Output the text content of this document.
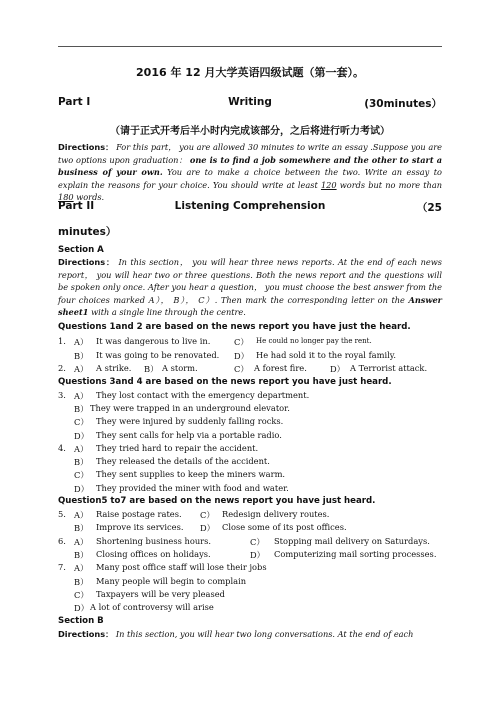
2016 年 12 月大学英语四级试题（第一套）。
Part I	Writing	(30minutes）
（请于正式开考后半小时内完成该部分，之后将进行听力考试）
Directions： For this part， you are allowed 30 minutes to write an essay .Suppose you are two options upon graduation： one is to find a job somewhere and the other to start a business of your own. You are to make a choice between the two. Write an essay to explain the reasons for your choice. You should write at least 120 words but no more than 180 words.
Part II	Listening Comprehension	（25
minutes）
Section A
Directions： In this section， you will hear three news reports. At the end of each news report， you will hear two or three questions. Both the news report and the questions will be spoken only once. After you hear a question， you must choose the best answer from the four choices marked A）， B）， C）. Then mark the corresponding letter on the Answer sheet1 with a single line through the centre.
Questions 1and 2 are based on the news report you have just the heard.
1. A） It was dangerous to live in.	C） He could no longer pay the rent.
B） It was going to be renovated. D） He had sold it to the royal family.
2. A） A strike. B） A storm.	C） A forest fire.	D） A Terrorist attack.
Questions 3and 4 are based on the news report you have just heard.
3. A） They lost contact with the emergency department.
B） They were trapped in an underground elevator.
C） They were injured by suddenly falling rocks.
D） They sent calls for help via a portable radio.
4. A） They tried hard to repair the accident.
B） They released the details of the accident.
C） They sent supplies to keep the miners warm.
D） They provided the miner with food and water.
Question5 to7 are based on the news report you have just heard.
5. A） Raise postage rates. C） Redesign delivery routes.
B） Improve its services. D） Close some of its post offices.
6. A） Shortening business hours.	C） Stopping mail delivery on Saturdays.
B） Closing offices on holidays.	D） Computerizing mail sorting processes.
7. A） Many post office staff will lose their jobs
B） Many people will begin to complain
C） Taxpayers will be very pleased
D） A lot of controversy will arise
Section B
Directions： In this section, you will hear two long conversations. At the end of each
